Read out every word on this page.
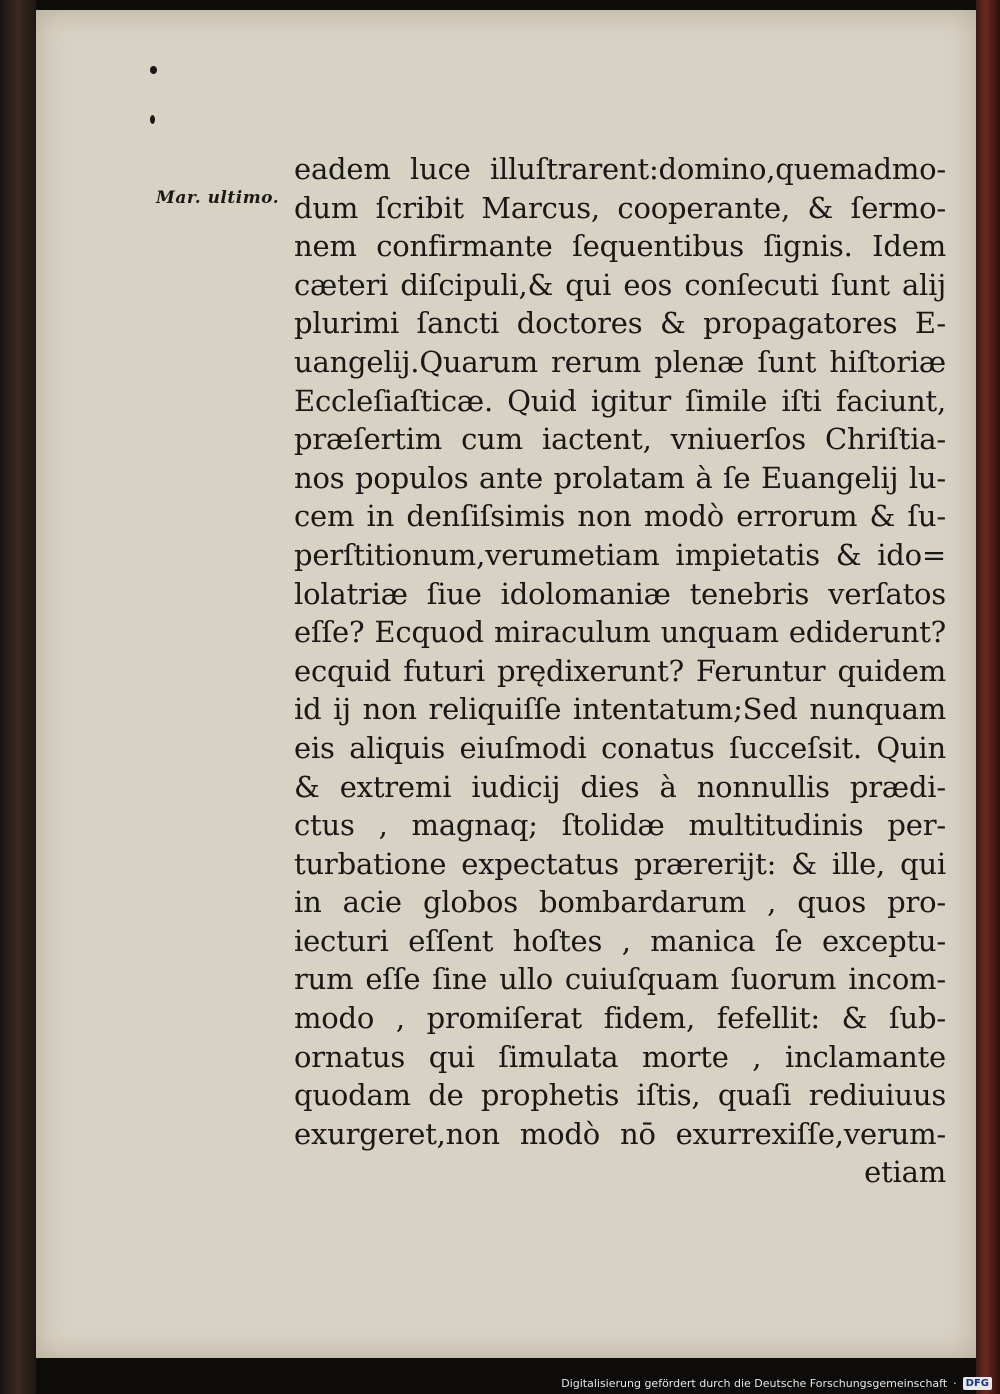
Mar. ultimo.
eadem luce illuſtrarent:domino,quemadmo-
dum ſcribit Marcus, cooperante, & ſermo-
nem confirmante ſequentibus ſignis. Idem
cæteri diſcipuli,& qui eos conſecuti ſunt alij
plurimi ſancti doctores & propagatores E-
uangelij.Quarum rerum plenæ ſunt hiſtoriæ
Eccleſiaſticæ. Quid igitur ſimile iſti faciunt,
præſertim cum iactent, vniuerſos Chriſtia-
nos populos ante prolatam à ſe Euangelij lu-
cem in denſiſsimis non modò errorum & ſu-
perſtitionum,verumetiam impietatis & ido=
lolatriæ ſiue idolomaniæ tenebris verſatos
eſſe? Ecquod miraculum unquam ediderunt?
ecquid futuri prędixerunt? Feruntur quidem
id ij non reliquiſſe intentatum;Sed nunquam
eis aliquis eiuſmodi conatus ſucceſsit. Quin
& extremi iudicij dies à nonnullis prædi-
ctus , magnaq; ſtolidæ multitudinis per-
turbatione expectatus prærerijt: & ille, qui
in acie globos bombardarum , quos pro-
iecturi eſſent hoſtes , manica ſe exceptu-
rum eſſe ſine ullo cuiuſquam ſuorum incom-
modo , promiſerat fidem, fefellit: & ſub-
ornatus qui ſimulata morte , inclamante
quodam de prophetis iſtis, quaſi rediuiuus
exurgeret,non modò nō exurrexiſſe,verum-
etiam
Digitalisierung gefördert durch die Deutsche Forschungsgemeinschaft · DFG
